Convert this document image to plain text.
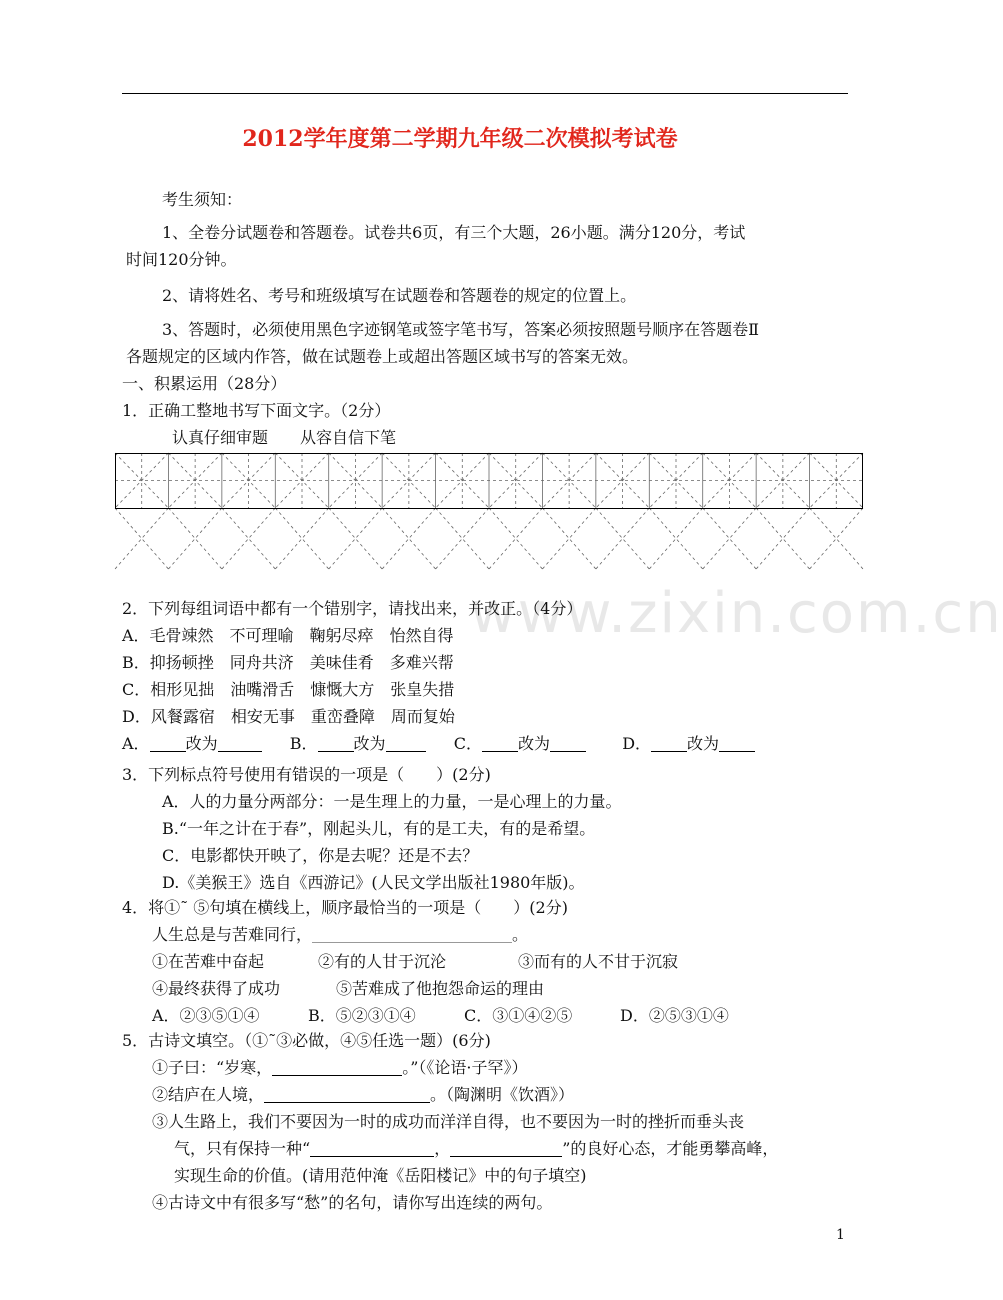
2012学年度第二学期九年级二次模拟考试卷
考生须知：
1、全卷分试题卷和答题卷。试卷共6页，有三个大题，26小题。满分120分，考试
时间120分钟。
2、请将姓名、考号和班级填写在试题卷和答题卷的规定的位置上。
3、答题时，必须使用黑色字迹钢笔或签字笔书写，答案必须按照题号顺序在答题卷Ⅱ
各题规定的区域内作答，做在试题卷上或超出答题区域书写的答案无效。
一、积累运用（28分）
1．正确工整地书写下面文字。（2分）
认真仔细审题　　从容自信下笔
www.zixin.com.cn
2．下列每组词语中都有一个错别字，请找出来，并改正。（4分）
A．毛骨竦然　不可理喻　鞠躬尽瘁　怡然自得
B．抑扬顿挫　同舟共济　美味佳肴　多难兴帮
C．相形见拙　油嘴滑舌　慷慨大方　张皇失措
D．风餐露宿　相安无事　重峦叠障　周而复始
A． 改为	B． 改为	C． 改为	D． 改为
3．下列标点符号使用有错误的一项是（　　）(2分)
A．人的力量分两部分：一是生理上的力量，一是心理上的力量。
B.“一年之计在于春”，刚起头儿，有的是工夫，有的是希望。
C．电影都快开映了，你是去呢？还是不去？
D.《美猴王》选自《西游记》(人民文学出版社1980年版)。
4．将①˜ ⑤句填在横线上，顺序最恰当的一项是（　　）(2分)
人生总是与苦难同行，	。
①在苦难中奋起	②有的人甘于沉沦	③而有的人不甘于沉寂
④最终获得了成功	⑤苦难成了他抱怨命运的理由
A．②③⑤①④	B．⑤②③①④	C．③①④②⑤	D．②⑤③①④
5．古诗文填空。（①˜③必做，④⑤任选一题）(6分)
①子曰：“岁寒，	。”（《论语·子罕》）
②结庐在人境，	。（陶渊明《饮酒》）
③人生路上，我们不要因为一时的成功而洋洋自得，也不要因为一时的挫折而垂头丧
气，只有保持一种“	，	”的良好心态，才能勇攀高峰，
实现生命的价值。(请用范仲淹《岳阳楼记》中的句子填空)
④古诗文中有很多写“愁”的名句，请你写出连续的两句。
1
